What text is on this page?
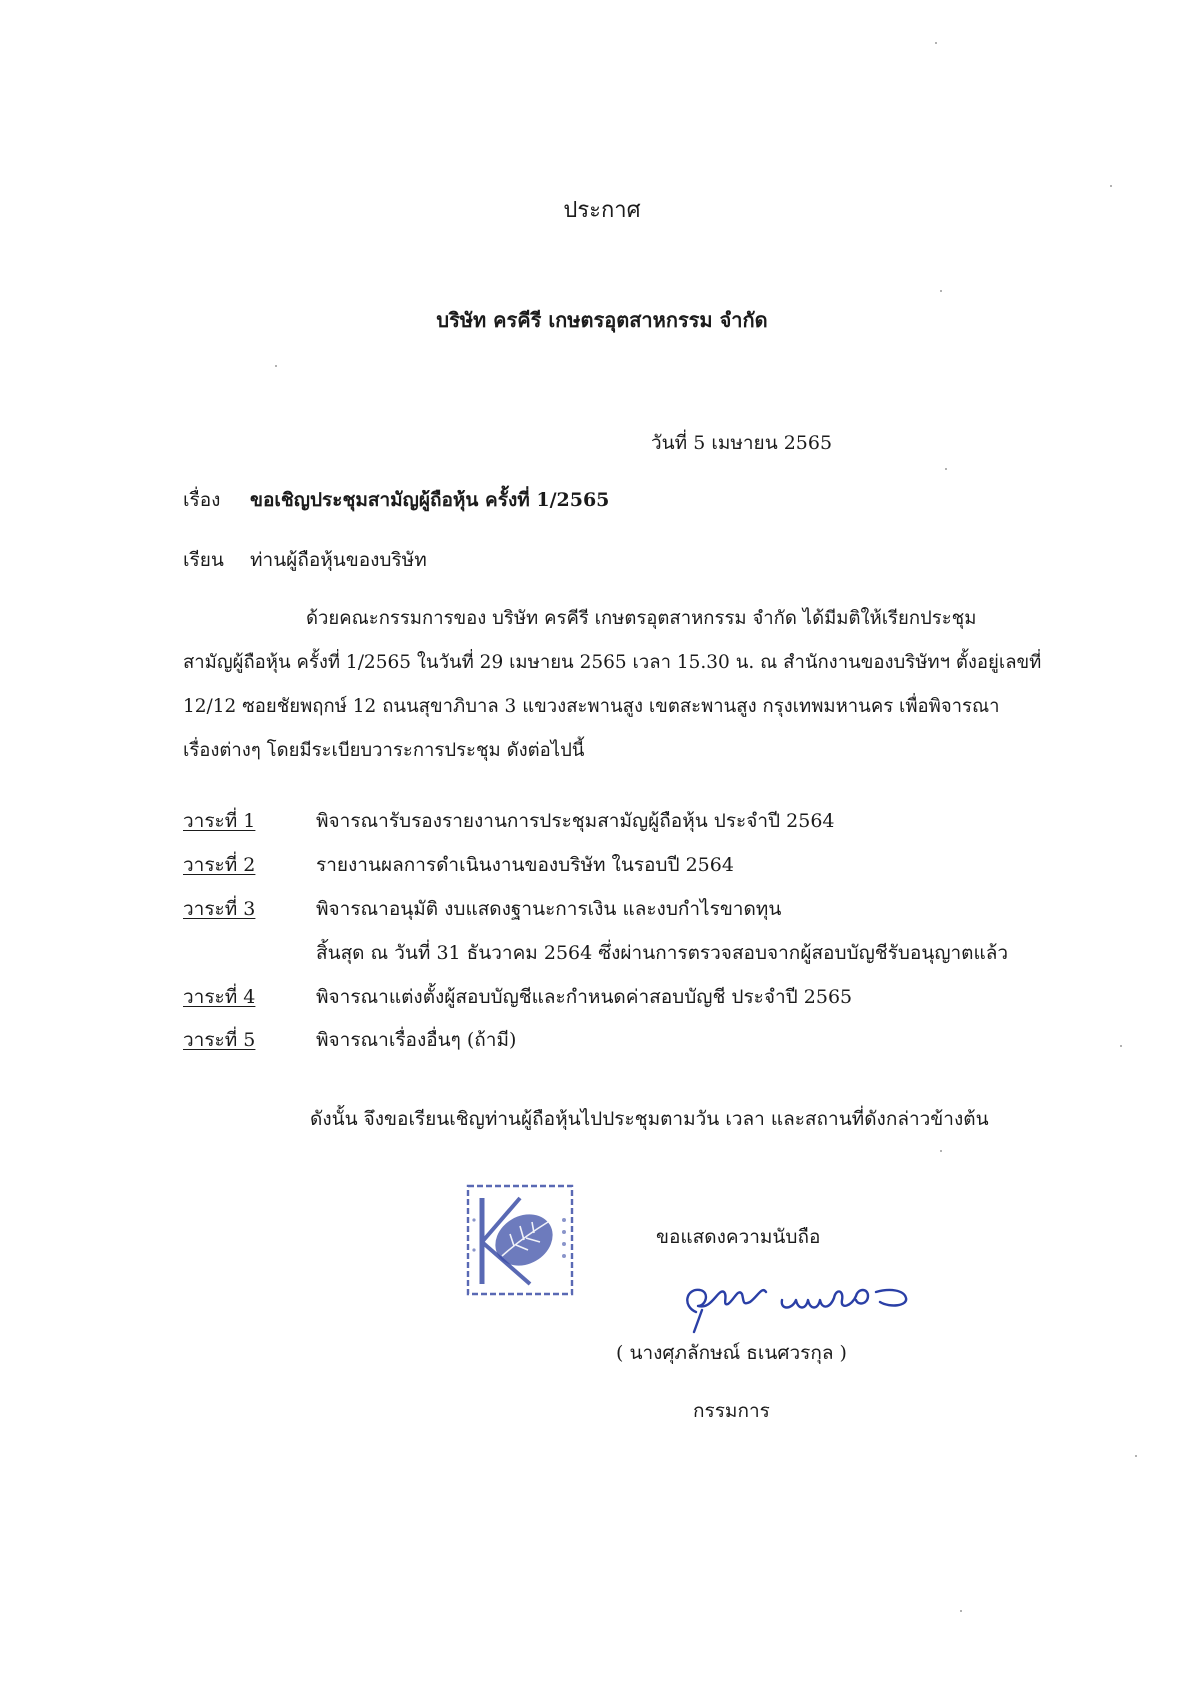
ประกาศ
บริษัท ครคีรี เกษตรอุตสาหกรรม จำกัด
วันที่ 5 เมษายน 2565
เรื่อง ขอเชิญประชุมสามัญผู้ถือหุ้น ครั้งที่ 1/2565
เรียน ท่านผู้ถือหุ้นของบริษัท
ด้วยคณะกรรมการของ บริษัท ครคีรี เกษตรอุตสาหกรรม จำกัด ได้มีมติให้เรียกประชุม
สามัญผู้ถือหุ้น ครั้งที่ 1/2565 ในวันที่ 29 เมษายน 2565 เวลา 15.30 น. ณ สำนักงานของบริษัทฯ ตั้งอยู่เลขที่
12/12 ซอยชัยพฤกษ์ 12 ถนนสุขาภิบาล 3 แขวงสะพานสูง เขตสะพานสูง กรุงเทพมหานคร เพื่อพิจารณา
เรื่องต่างๆ โดยมีระเบียบวาระการประชุม ดังต่อไปนี้
วาระที่ 1	พิจารณารับรองรายงานการประชุมสามัญผู้ถือหุ้น ประจำปี 2564
วาระที่ 2	รายงานผลการดำเนินงานของบริษัท ในรอบปี 2564
วาระที่ 3	พิจารณาอนุมัติ งบแสดงฐานะการเงิน และงบกำไรขาดทุน
สิ้นสุด ณ วันที่ 31 ธันวาคม 2564 ซึ่งผ่านการตรวจสอบจากผู้สอบบัญชีรับอนุญาตแล้ว
วาระที่ 4	พิจารณาแต่งตั้งผู้สอบบัญชีและกำหนดค่าสอบบัญชี ประจำปี 2565
วาระที่ 5	พิจารณาเรื่องอื่นๆ (ถ้ามี)
ดังนั้น จึงขอเรียนเชิญท่านผู้ถือหุ้นไปประชุมตามวัน เวลา และสถานที่ดังกล่าวข้างต้น
ขอแสดงความนับถือ
( นางศุภลักษณ์ ธเนศวรกุล )
กรรมการ
